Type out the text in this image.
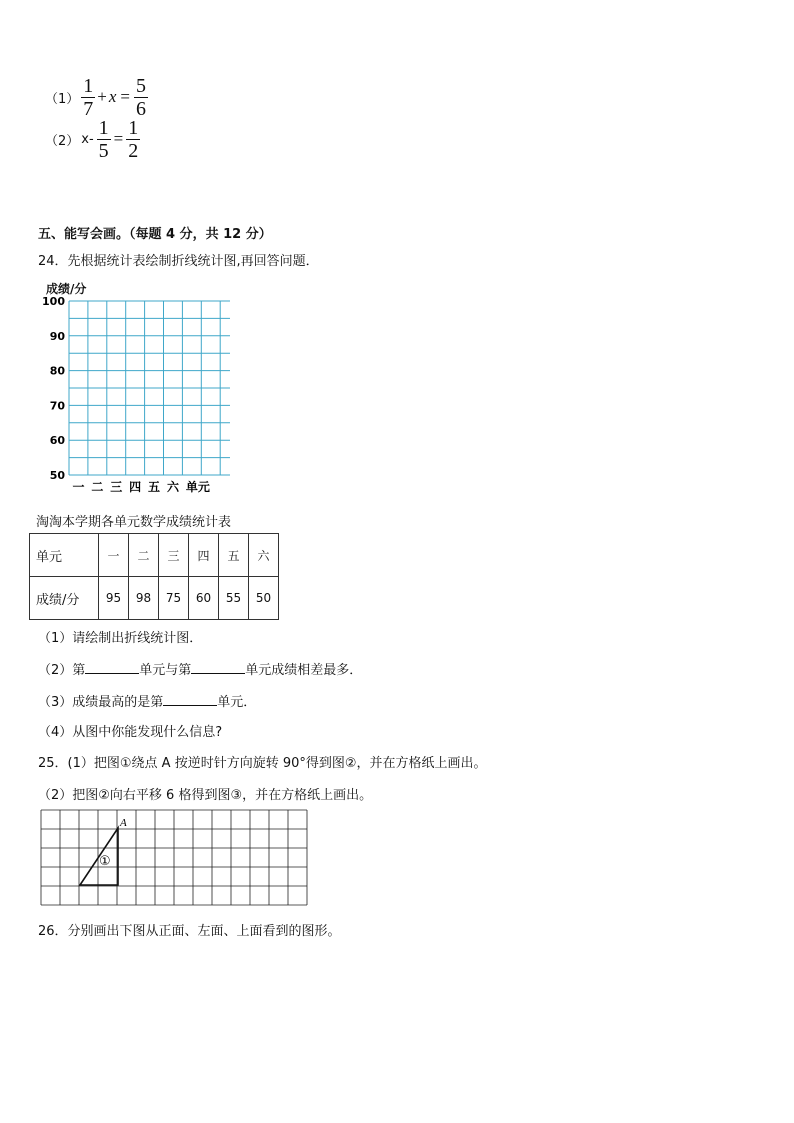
$(1) \frac{1}{7} + x = \frac{5}{6}$
（2） $x- \frac{1}{5} = \frac{1}{2}$
五、能写会画。（每题 4 分，共 12 分）
24．先根据统计表绘制折线统计图,再回答问题．
成绩/分
100
90
80
70
60
50
一 二 三 四 五 六 单元
淘淘本学期各单元数学成绩统计表
单元	一	二	三	四	五	六
成绩/分	95	98	75	60	55	50
（1）请绘制出折线统计图．
（2）第	单元与第	单元成绩相差最多．
（3）成绩最高的是第	单元．
（4）从图中你能发现什么信息?
25．(1）把图①绕点 A 按逆时针方向旋转 90°得到图②，并在方格纸上画出。
（2）把图②向右平移 6 格得到图③，并在方格纸上画出。
A
①
26．分别画出下图从正面、左面、上面看到的图形。
